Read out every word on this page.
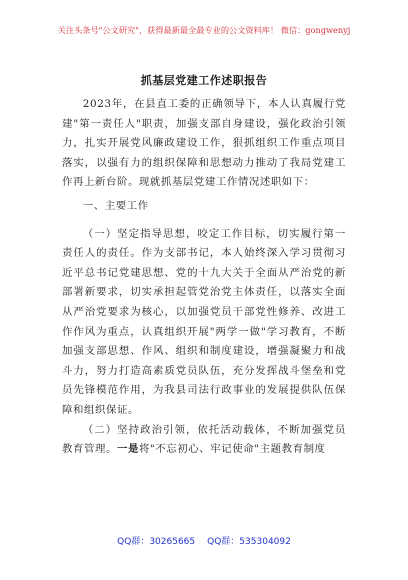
关注头条号"公文研究"，获得最新最全最专业的公文资料库！ 微信：gongwenyj
抓基层党建工作述职报告

2023年，在县直工委的正确领导下，本人认真履行党建"第一责任人"职责，加强支部自身建设，强化政治引领力，扎实开展党风廉政建设工作，狠抓组织工作重点项目落实，以强有力的组织保障和思想动力推动了我局党建工作再上新台阶。现就抓基层党建工作情况述职如下：

一、主要工作

（一）坚定指导思想，咬定工作目标，切实履行第一责任人的责任。作为支部书记，本人始终深入学习贯彻习近平总书记党建思想、党的十九大关于全面从严治党的新部署新要求，切实承担起管党治党主体责任，以落实全面从严治党要求为核心，以加强党员干部党性修养、改进工作作风为重点，认真组织开展"两学一做"学习教育，不断加强支部思想、作风、组织和制度建设，增强凝聚力和战斗力，努力打造高素质党员队伍，充分发挥战斗堡垒和党员先锋模范作用，为我县司法行政事业的发展提供队伍保障和组织保证。

（二）坚持政治引领，依托活动载体，不断加强党员教育管理。一是将"不忘初心、牢记使命"主题教育制度

QQ群：30265665 QQ群：535304092
